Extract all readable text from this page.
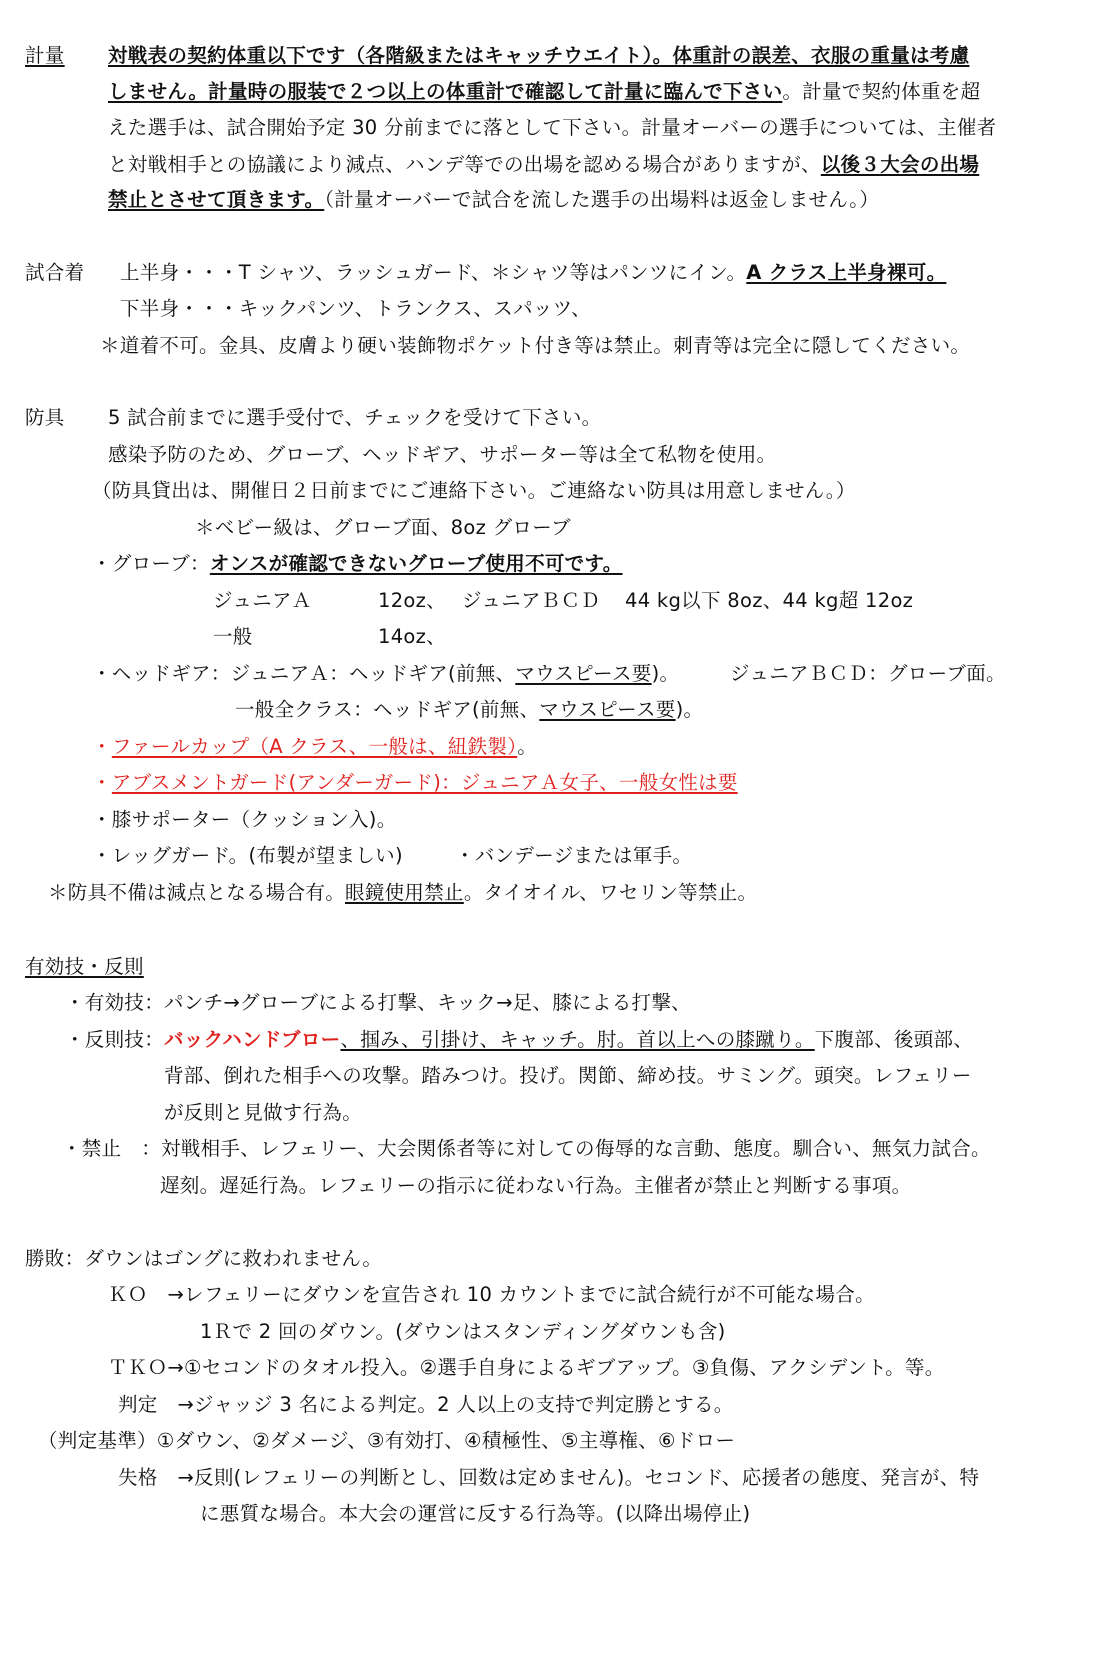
計量 対戦表の契約体重以下です（各階級またはキャッチウエイト）。体重計の誤差、衣服の重量は考慮
しません。計量時の服装で２つ以上の体重計で確認して計量に臨んで下さい。計量で契約体重を超
えた選手は、試合開始予定 30 分前までに落として下さい。計量オーバーの選手については、主催者
と対戦相手との協議により減点、ハンデ等での出場を認める場合がありますが、以後３大会の出場
禁止とさせて頂きます。（計量オーバーで試合を流した選手の出場料は返金しません。）
試合着 上半身・・・T シャツ、ラッシュガード、＊シャツ等はパンツにイン。A クラス上半身裸可。
下半身・・・キックパンツ、トランクス、スパッツ、
＊道着不可。金具、皮膚より硬い装飾物ポケット付き等は禁止。刺青等は完全に隠してください。
防具 5 試合前までに選手受付で、チェックを受けて下さい。
感染予防のため、グローブ、ヘッドギア、サポーター等は全て私物を使用。
（防具貸出は、開催日２日前までにご連絡下さい。ご連絡ない防具は用意しません。）
＊ベビー級は、グローブ面、8oz グローブ
・グローブ：オンスが確認できないグローブ使用不可です。
ジュニアＡ	12oz、 ジュニアＢＣＤ 44 kg以下 8oz、44 kg超 12oz
一般	14oz、
・ヘッドギア：ジュニアＡ：ヘッドギア(前無、マウスピース要)。	ジュニアＢＣＤ：グローブ面。
一般全クラス：ヘッドギア(前無、マウスピース要)。
・ファールカップ（A クラス、一般は、紐鉄製）。
・アブスメントガード(アンダーガード)：ジュニアＡ女子、一般女性は要
・膝サポーター（クッション入)。
・レッグガード。(布製が望ましい)	・バンデージまたは軍手。
＊防具不備は減点となる場合有。眼鏡使用禁止。タイオイル、ワセリン等禁止。
有効技・反則
・有効技：パンチ→グローブによる打撃、キック→足、膝による打撃、
・反則技：バックハンドブロー、掴み、引掛け、キャッチ。肘。首以上への膝蹴り。下腹部、後頭部、
背部、倒れた相手への攻撃。踏みつけ。投げ。関節、締め技。サミング。頭突。レフェリー
が反則と見做す行為。
・禁止　：対戦相手、レフェリー、大会関係者等に対しての侮辱的な言動、態度。馴合い、無気力試合。
遅刻。遅延行為。レフェリーの指示に従わない行為。主催者が禁止と判断する事項。
勝敗：ダウンはゴングに救われません。
ＫＯ　→レフェリーにダウンを宣告され 10 カウントまでに試合続行が不可能な場合。
1Ｒで 2 回のダウン。(ダウンはスタンディングダウンも含)
ＴＫＯ→①セコンドのタオル投入。②選手自身によるギブアップ。③負傷、アクシデント。等。
判定　→ジャッジ 3 名による判定。2 人以上の支持で判定勝とする。
（判定基準）①ダウン、②ダメージ、③有効打、④積極性、⑤主導権、⑥ドロー
失格　→反則(レフェリーの判断とし、回数は定めません)。セコンド、応援者の態度、発言が、特
に悪質な場合。本大会の運営に反する行為等。(以降出場停止)
